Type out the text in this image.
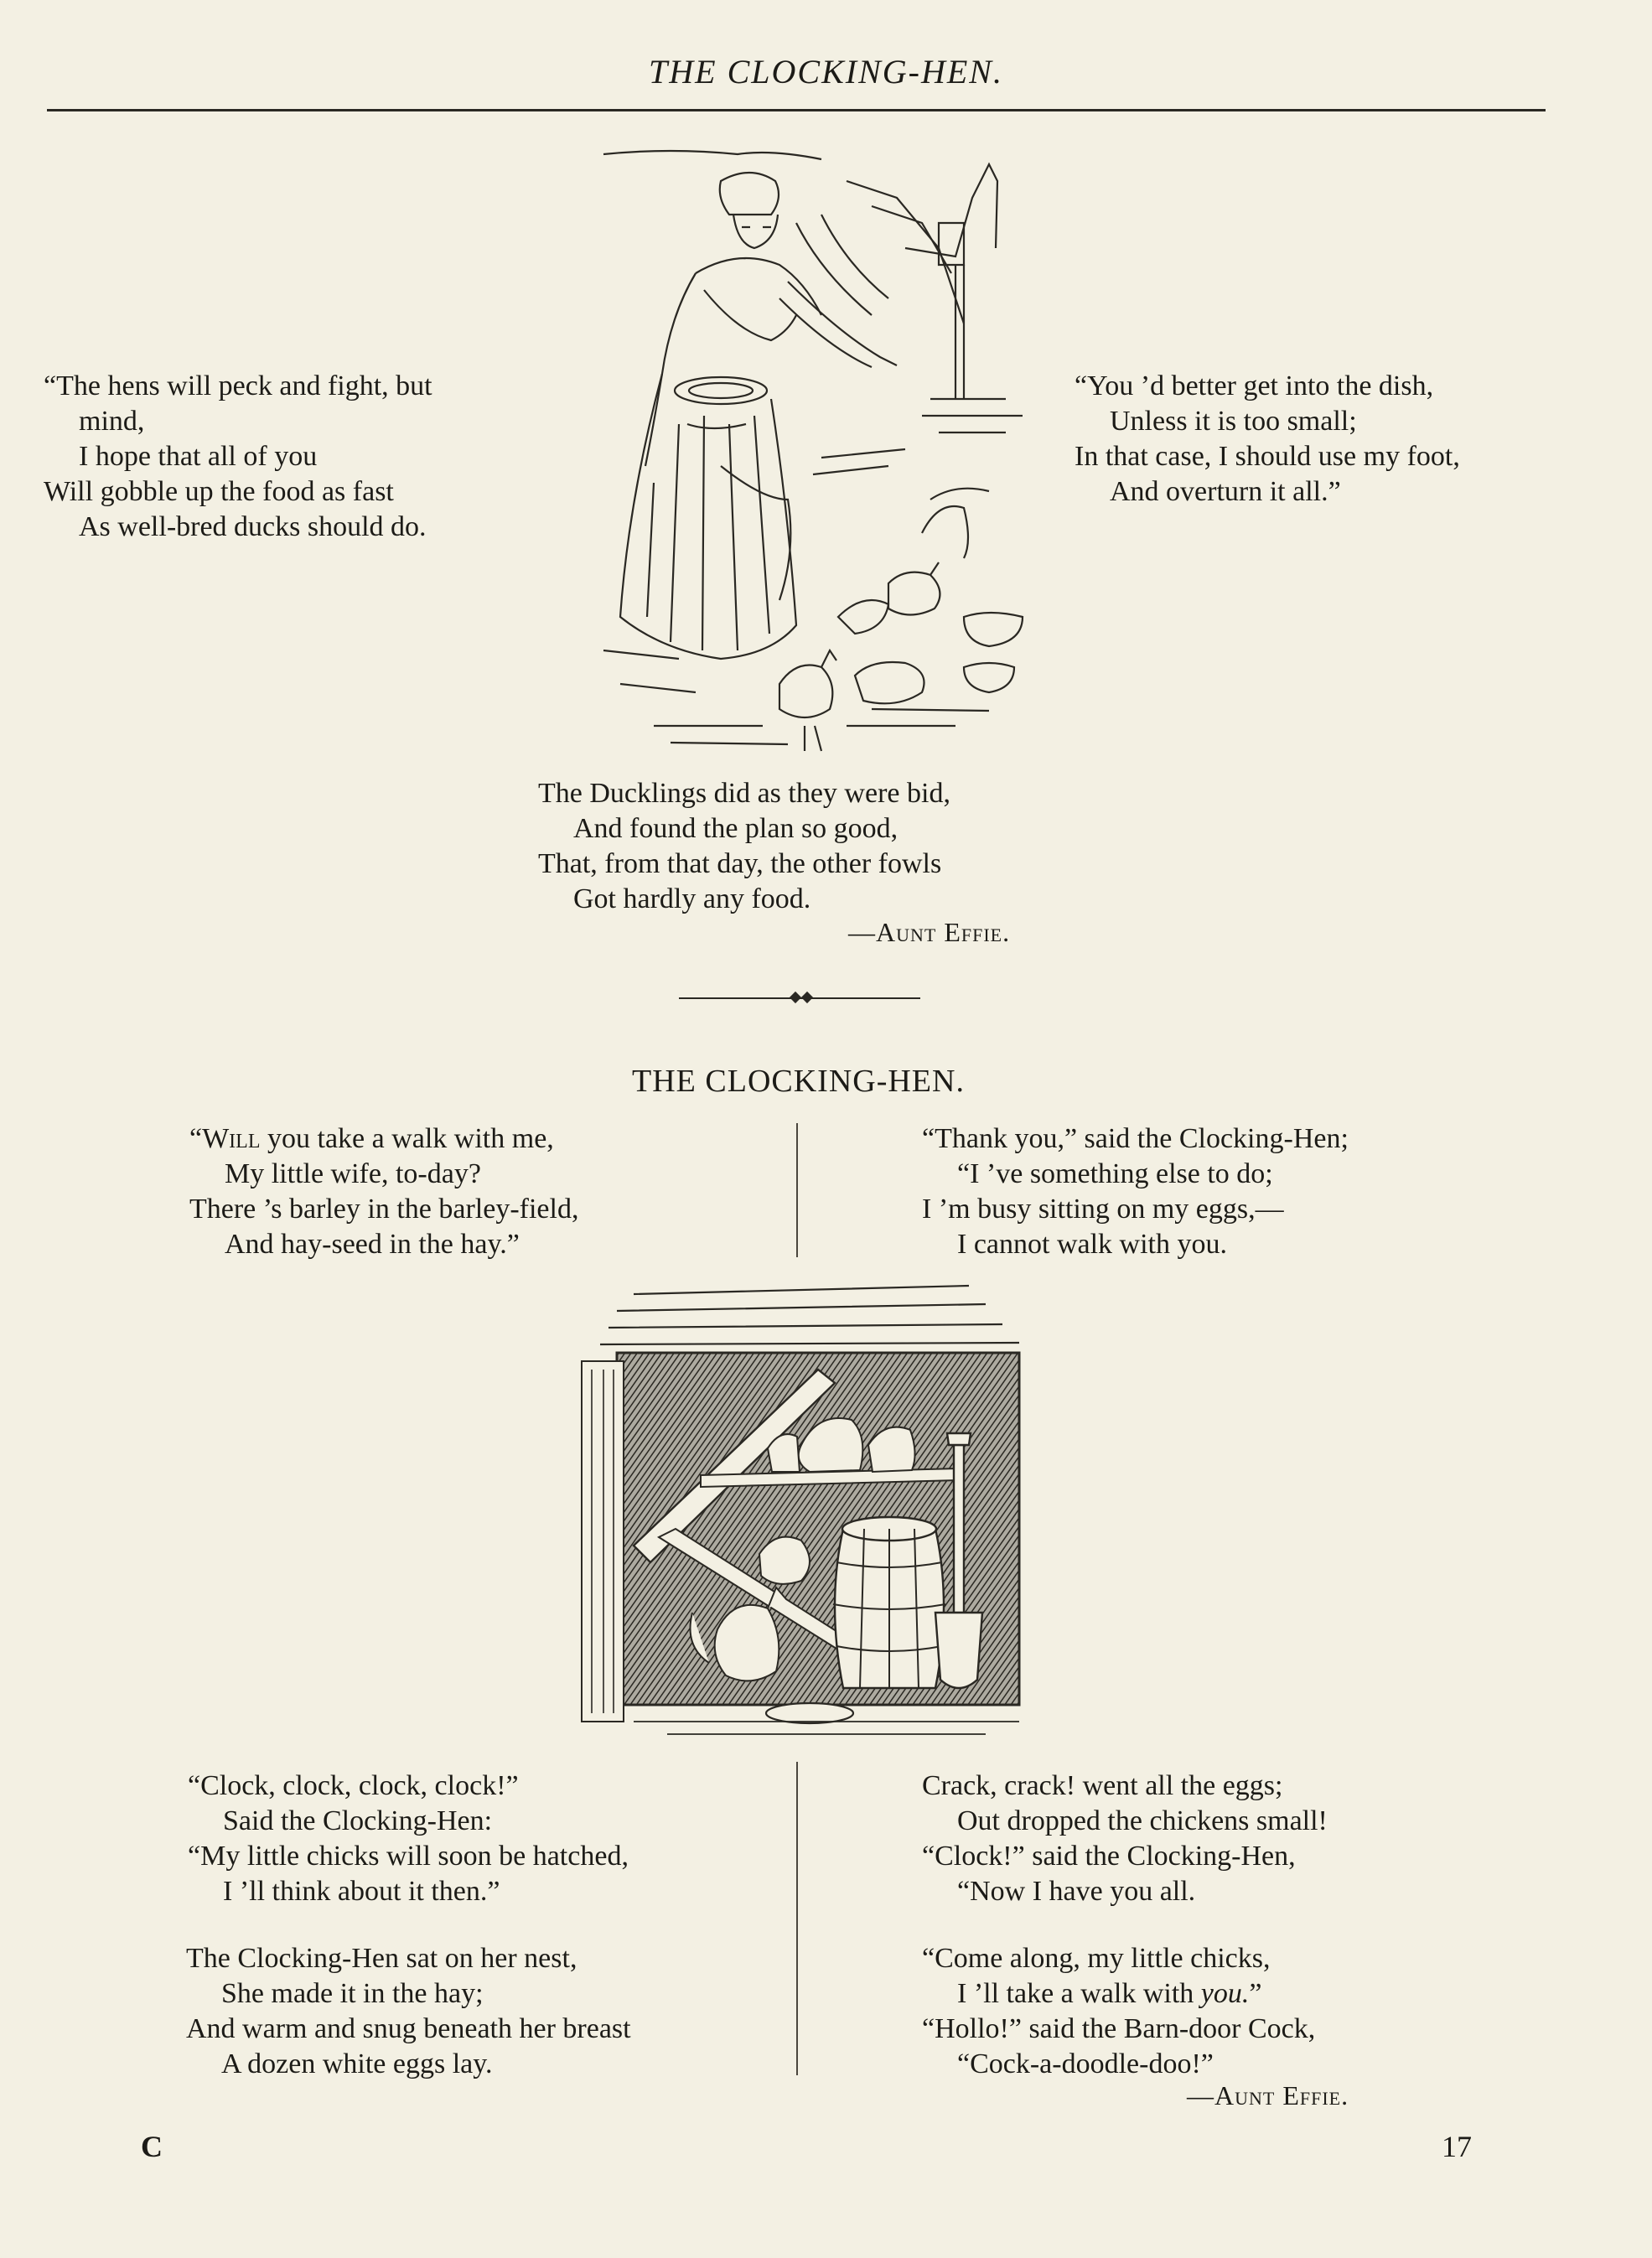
THE CLOCKING-HEN.
“The hens will peck and fight, but
mind,
I hope that all of you
Will gobble up the food as fast
As well-bred ducks should do.
“You ’d better get into the dish,
Unless it is too small;
In that case, I should use my foot,
And overturn it all.”
The Ducklings did as they were bid,
And found the plan so good,
That, from that day, the other fowls
Got hardly any food.
—Aunt Effie.
THE CLOCKING-HEN.
“Will you take a walk with me,
My little wife, to-day?
There ’s barley in the barley-field,
And hay-seed in the hay.”
“Thank you,” said the Clocking-Hen;
“I ’ve something else to do;
I ’m busy sitting on my eggs,—
I cannot walk with you.
“Clock, clock, clock, clock!”
Said the Clocking-Hen:
“My little chicks will soon be hatched,
I ’ll think about it then.”
The Clocking-Hen sat on her nest,
She made it in the hay;
And warm and snug beneath her breast
A dozen white eggs lay.
Crack, crack! went all the eggs;
Out dropped the chickens small!
“Clock!” said the Clocking-Hen,
“Now I have you all.
“Come along, my little chicks,
I ’ll take a walk with you.”
“Hollo!” said the Barn-door Cock,
“Cock-a-doodle-doo!”
—Aunt Effie.
C	17
